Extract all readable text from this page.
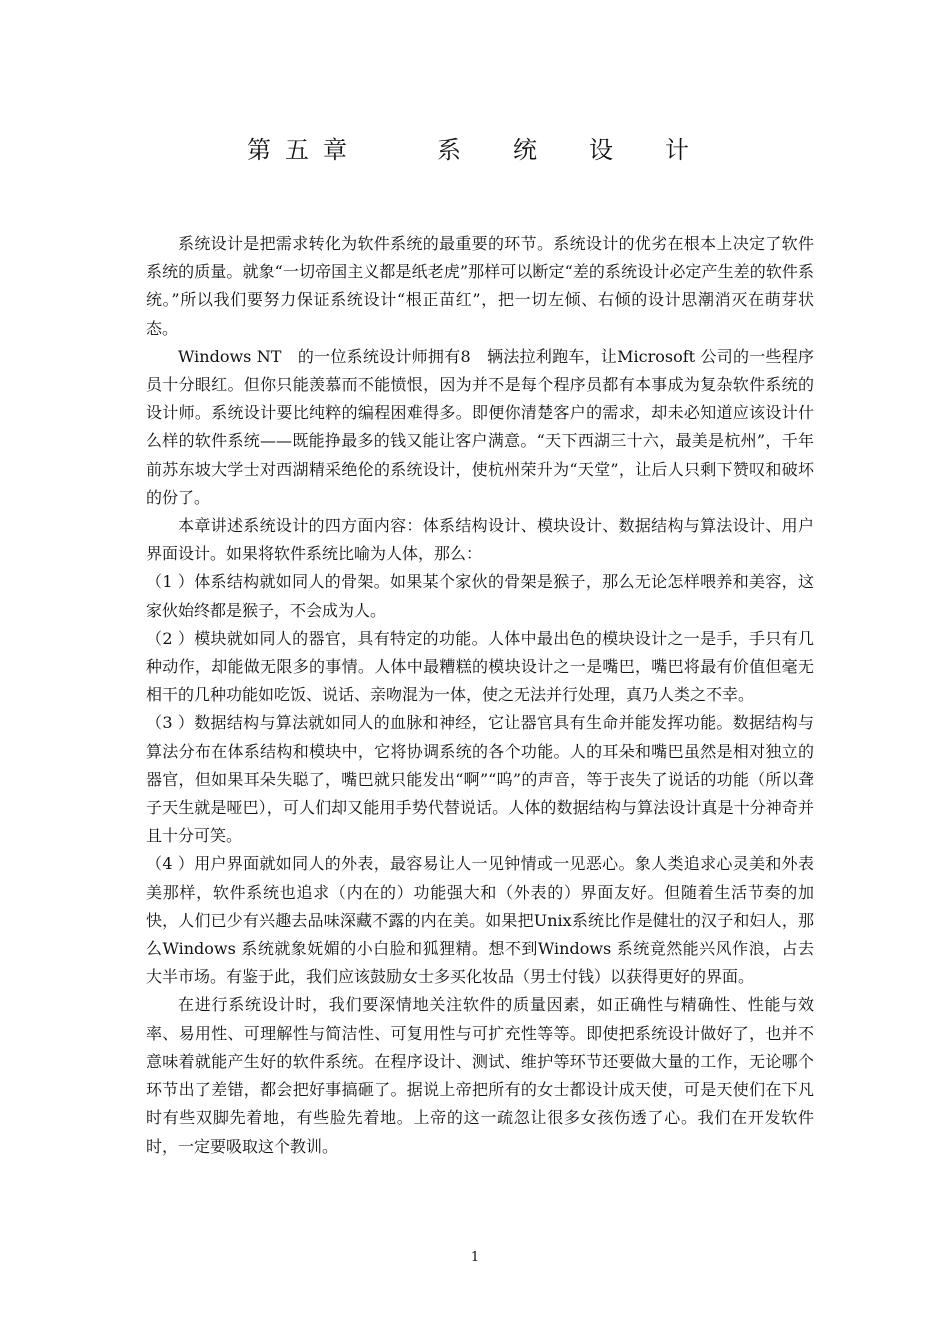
第五章　　系　统　设　计

系统设计是把需求转化为软件系统的最重要的环节。系统设计的优劣在根本上决定了软件系统的质量。就象“一切帝国主义都是纸老虎”那样可以断定“差的系统设计必定产生差的软件系统。”所以我们要努力保证系统设计“根正苗红”，把一切左倾、右倾的设计思潮消灭在萌芽状态。

Windows NT　的一位系统设计师拥有8　辆法拉利跑车，让Microsoft 公司的一些程序员十分眼红。但你只能羡慕而不能愤恨，因为并不是每个程序员都有本事成为复杂软件系统的设计师。系统设计要比纯粹的编程困难得多。即便你清楚客户的需求，却未必知道应该设计什么样的软件系统——既能挣最多的钱又能让客户满意。“天下西湖三十六，最美是杭州”，千年前苏东坡大学士对西湖精采绝伦的系统设计，使杭州荣升为“天堂”，让后人只剩下赞叹和破坏的份了。

本章讲述系统设计的四方面内容：体系结构设计、模块设计、数据结构与算法设计、用户界面设计。如果将软件系统比喻为人体，那么：

（1 ）体系结构就如同人的骨架。如果某个家伙的骨架是猴子，那么无论怎样喂养和美容，这家伙始终都是猴子，不会成为人。

（2 ）模块就如同人的器官，具有特定的功能。人体中最出色的模块设计之一是手，手只有几种动作，却能做无限多的事情。人体中最糟糕的模块设计之一是嘴巴，嘴巴将最有价值但毫无相干的几种功能如吃饭、说话、亲吻混为一体，使之无法并行处理，真乃人类之不幸。

（3 ）数据结构与算法就如同人的血脉和神经，它让器官具有生命并能发挥功能。数据结构与算法分布在体系结构和模块中，它将协调系统的各个功能。人的耳朵和嘴巴虽然是相对独立的器官，但如果耳朵失聪了，嘴巴就只能发出“啊”“呜”的声音，等于丧失了说话的功能（所以聋子天生就是哑巴），可人们却又能用手势代替说话。人体的数据结构与算法设计真是十分神奇并且十分可笑。

（4 ）用户界面就如同人的外表，最容易让人一见钟情或一见恶心。象人类追求心灵美和外表美那样，软件系统也追求（内在的）功能强大和（外表的）界面友好。但随着生活节奏的加快，人们已少有兴趣去品味深藏不露的内在美。如果把Unix系统比作是健壮的汉子和妇人，那么Windows 系统就象妩媚的小白脸和狐狸精。想不到Windows 系统竟然能兴风作浪，占去大半市场。有鉴于此，我们应该鼓励女士多买化妆品（男士付钱）以获得更好的界面。

在进行系统设计时，我们要深情地关注软件的质量因素，如正确性与精确性、性能与效率、易用性、可理解性与简洁性、可复用性与可扩充性等等。即使把系统设计做好了，也并不意味着就能产生好的软件系统。在程序设计、测试、维护等环节还要做大量的工作，无论哪个环节出了差错，都会把好事搞砸了。据说上帝把所有的女士都设计成天使，可是天使们在下凡时有些双脚先着地，有些脸先着地。上帝的这一疏忽让很多女孩伤透了心。我们在开发软件时，一定要吸取这个教训。

1
